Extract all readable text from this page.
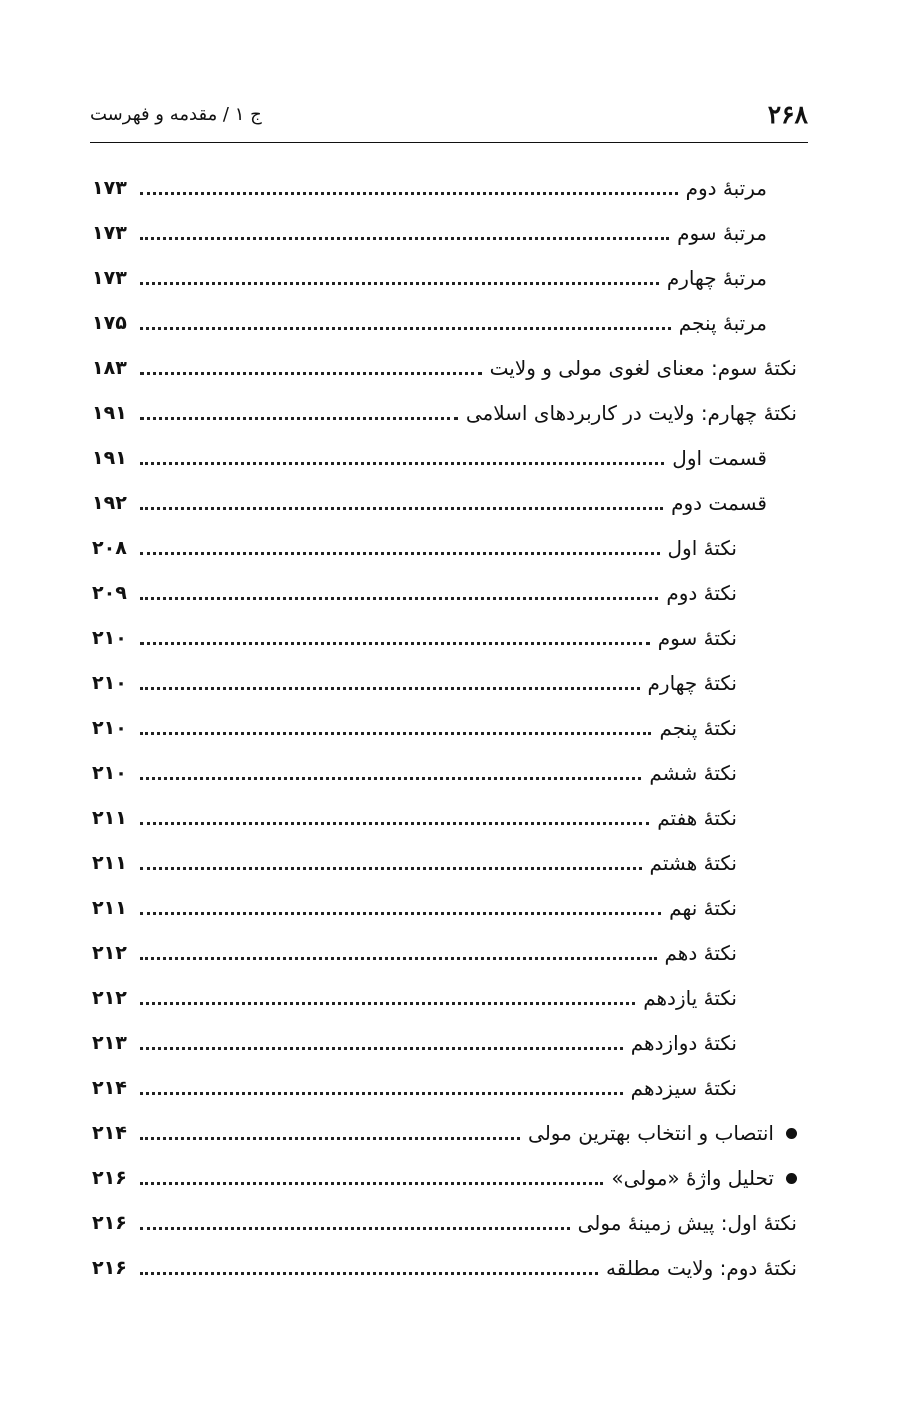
۲۶۸
ج ۱ / مقدمه و فهرست
مرتبۀ دوم
۱۷۳
مرتبۀ سوم
۱۷۳
مرتبۀ چهارم
۱۷۳
مرتبۀ پنجم
۱۷۵
نکتۀ سوم: معنای لغوی مولی و ولایت
۱۸۳
نکتۀ چهارم: ولایت در کاربردهای اسلامی
۱۹۱
قسمت اول
۱۹۱
قسمت دوم
۱۹۲
نکتۀ اول
۲۰۸
نکتۀ دوم
۲۰۹
نکتۀ سوم
۲۱۰
نکتۀ چهارم
۲۱۰
نکتۀ پنجم
۲۱۰
نکتۀ ششم
۲۱۰
نکتۀ هفتم
۲۱۱
نکتۀ هشتم
۲۱۱
نکتۀ نهم
۲۱۱
نکتۀ دهم
۲۱۲
نکتۀ یازدهم
۲۱۲
نکتۀ دوازدهم
۲۱۳
نکتۀ سیزدهم
۲۱۴
انتصاب و انتخاب بهترین مولی
۲۱۴
تحلیل واژۀ «مولی»
۲۱۶
نکتۀ اول: پیش زمینۀ مولی
۲۱۶
نکتۀ دوم: ولایت مطلقه
۲۱۶
